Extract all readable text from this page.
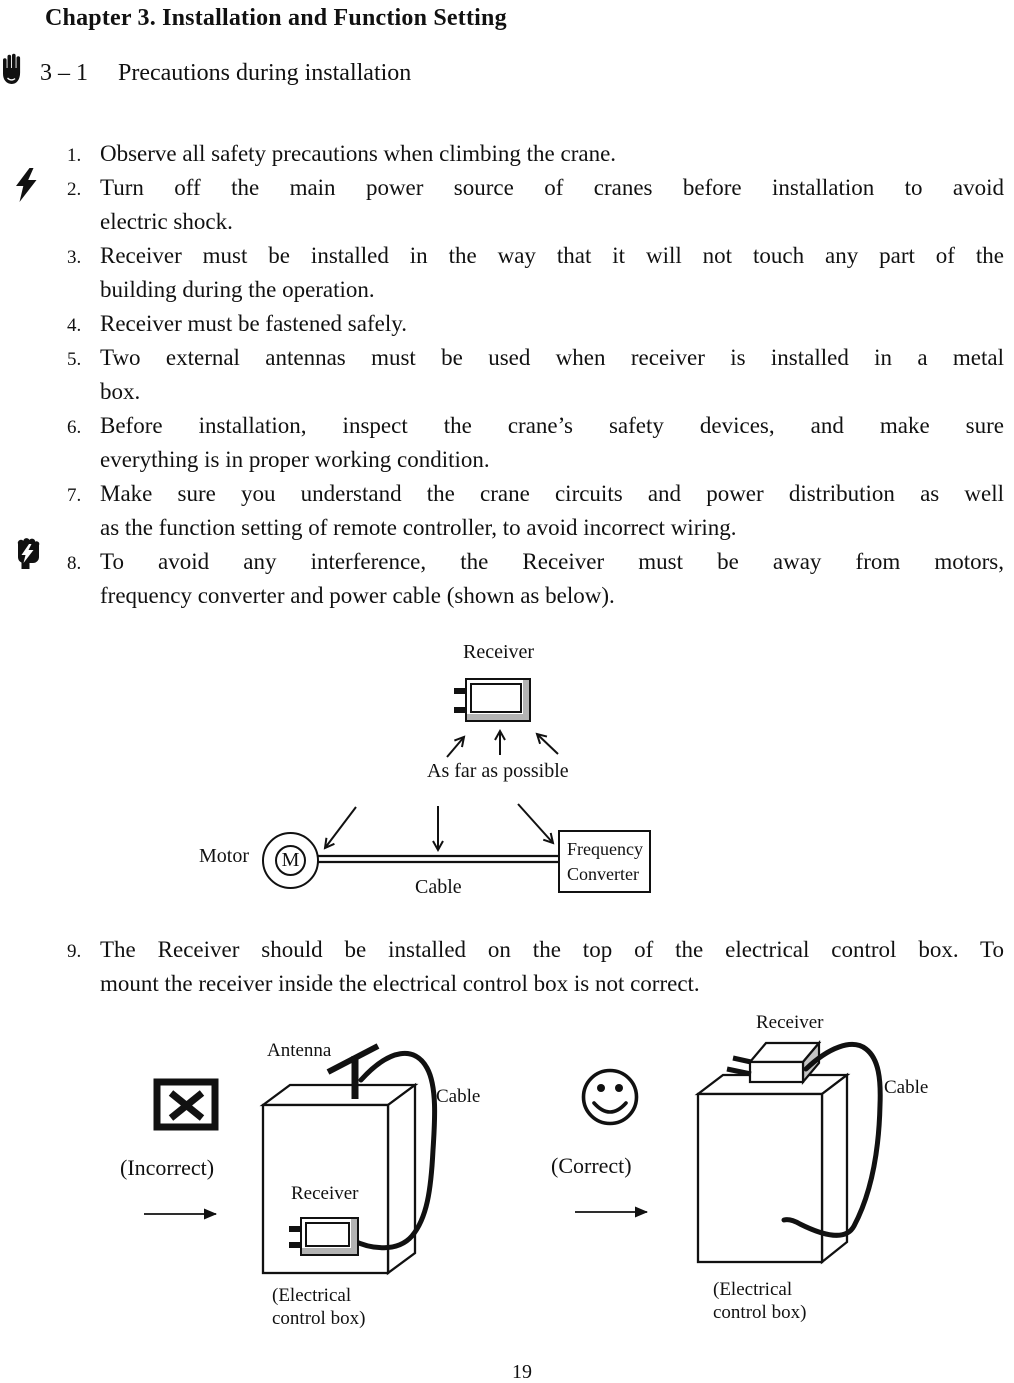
Chapter 3. Installation and Function Setting
3 – 1 Precautions during installation
1. Observe all safety precautions when climbing the crane.
2. Turn off the main power source of cranes before installation to avoid
electric shock.
3. Receiver must be installed in the way that it will not touch any part of the
building during the operation.
4. Receiver must be fastened safely.
5. Two external antennas must be used when receiver is installed in a metal
box.
6. Before installation, inspect the crane’s safety devices, and make sure
everything is in proper working condition.
7. Make sure you understand the crane circuits and power distribution as well
as the function setting of remote controller, to avoid incorrect wiring.
8. To avoid any interference, the Receiver must be away from motors,
frequency converter and power cable (shown as below).
Receiver
As far as possible
Motor	M
Cable
Frequency
Converter
9. The Receiver should be installed on the top of the electrical control box. To
mount the receiver inside the electrical control box is not correct.
Antenna
Cable
(Incorrect)
Receiver
(Electrical
control box)
Receiver
(Correct)
Cable
(Electrical
control box)
19
